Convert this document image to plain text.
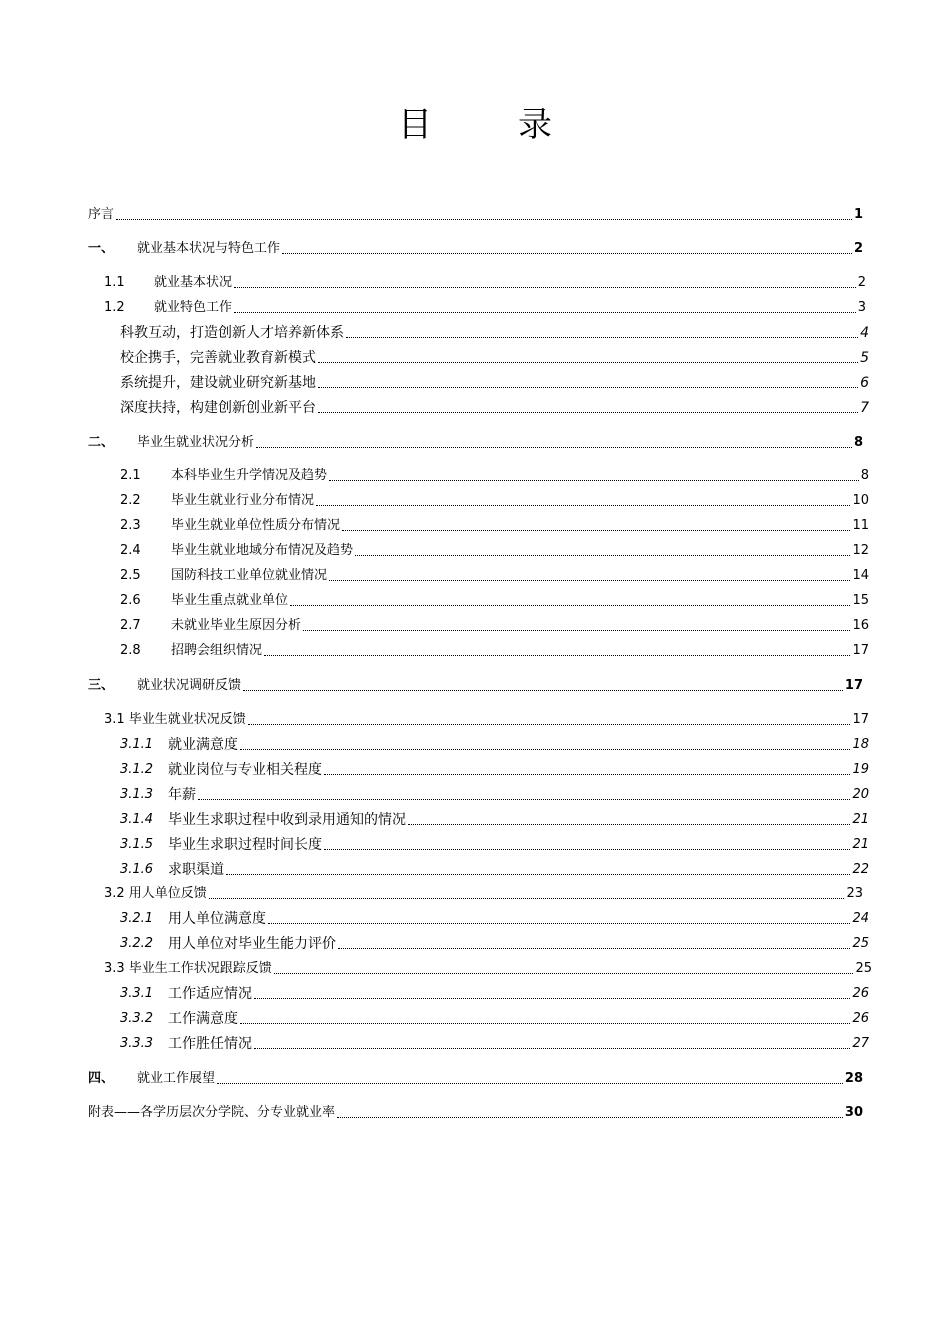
目　录
序言	1
一、	就业基本状况与特色工作	2
1.1	就业基本状况	2
1.2	就业特色工作	3
科教互动，打造创新人才培养新体系	4
校企携手，完善就业教育新模式	5
系统提升，建设就业研究新基地	6
深度扶持，构建创新创业新平台	7
二、	毕业生就业状况分析	8
2.1	本科毕业生升学情况及趋势	8
2.2	毕业生就业行业分布情况	10
2.3	毕业生就业单位性质分布情况	11
2.4	毕业生就业地域分布情况及趋势	12
2.5	国防科技工业单位就业情况	14
2.6	毕业生重点就业单位	15
2.7	未就业毕业生原因分析	16
2.8	招聘会组织情况	17
三、	就业状况调研反馈	17
3.1 毕业生就业状况反馈	17
3.1.1	就业满意度	18
3.1.2	就业岗位与专业相关程度	19
3.1.3	年薪	20
3.1.4	毕业生求职过程中收到录用通知的情况	21
3.1.5	毕业生求职过程时间长度	21
3.1.6	求职渠道	22
3.2 用人单位反馈	23
3.2.1	用人单位满意度	24
3.2.2	用人单位对毕业生能力评价	25
3.3 毕业生工作状况跟踪反馈	25
3.3.1	工作适应情况	26
3.3.2	工作满意度	26
3.3.3	工作胜任情况	27
四、	就业工作展望	28
附表——各学历层次分学院、分专业就业率	30
